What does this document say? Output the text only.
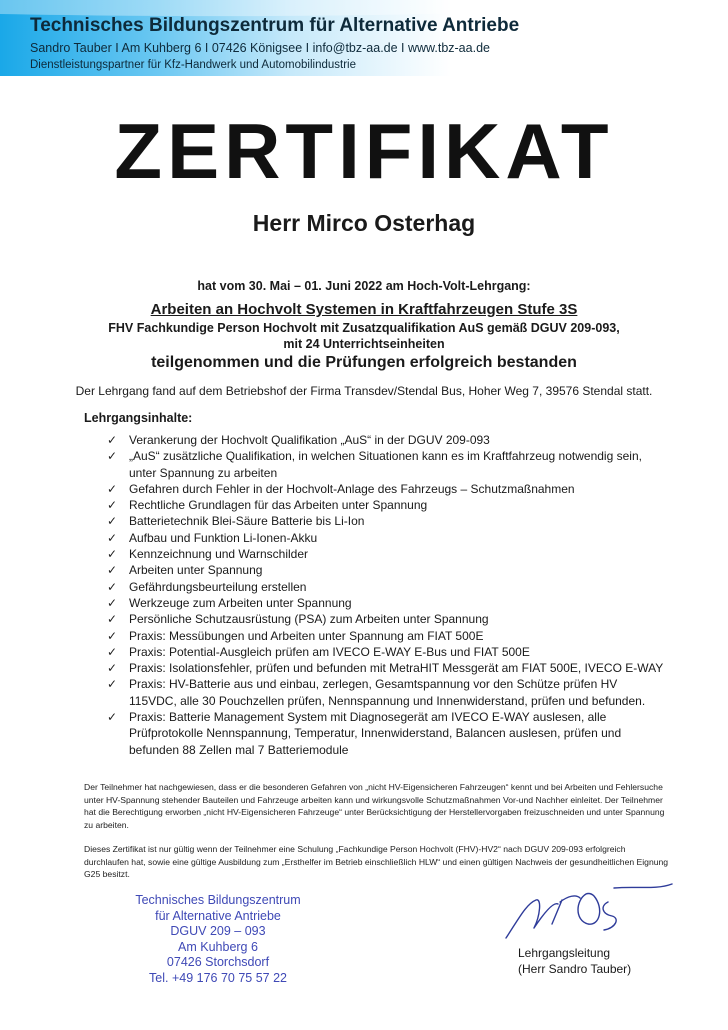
Technisches Bildungszentrum für Alternative Antriebe
Sandro Tauber I Am Kuhberg 6 I 07426 Königsee I info@tbz-aa.de I www.tbz-aa.de
Dienstleistungspartner für Kfz-Handwerk und Automobilindustrie
ZERTIFIKAT
Herr Mirco Osterhag
hat vom 30. Mai – 01. Juni 2022 am Hoch-Volt-Lehrgang:
Arbeiten an Hochvolt Systemen in Kraftfahrzeugen Stufe 3S
FHV Fachkundige Person Hochvolt mit Zusatzqualifikation AuS gemäß DGUV 209-093,
mit 24 Unterrichtseinheiten
teilgenommen und die Prüfungen erfolgreich bestanden
Der Lehrgang fand auf dem Betriebshof der Firma Transdev/Stendal Bus, Hoher Weg 7, 39576 Stendal statt.
Lehrgangsinhalte:
✓ Verankerung der Hochvolt Qualifikation „AuS“ in der DGUV 209-093
✓ „AuS“ zusätzliche Qualifikation, in welchen Situationen kann es im Kraftfahrzeug notwendig sein, unter Spannung zu arbeiten
✓ Gefahren durch Fehler in der Hochvolt-Anlage des Fahrzeugs – Schutzmaßnahmen
✓ Rechtliche Grundlagen für das Arbeiten unter Spannung
✓ Batterietechnik Blei-Säure Batterie bis Li-Ion
✓ Aufbau und Funktion Li-Ionen-Akku
✓ Kennzeichnung und Warnschilder
✓ Arbeiten unter Spannung
✓ Gefährdungsbeurteilung erstellen
✓ Werkzeuge zum Arbeiten unter Spannung
✓ Persönliche Schutzausrüstung (PSA) zum Arbeiten unter Spannung
✓ Praxis: Messübungen und Arbeiten unter Spannung am FIAT 500E
✓ Praxis: Potential-Ausgleich prüfen am IVECO E-WAY E-Bus und FIAT 500E
✓ Praxis: Isolationsfehler, prüfen und befunden mit MetraHIT Messgerät am FIAT 500E, IVECO E-WAY
✓ Praxis: HV-Batterie aus und einbau, zerlegen, Gesamtspannung vor den Schütze prüfen HV 115VDC, alle 30 Pouchzellen prüfen, Nennspannung und Innenwiderstand, prüfen und befunden.
✓ Praxis: Batterie Management System mit Diagnosegerät am IVECO E-WAY auslesen, alle Prüfprotokolle Nennspannung, Temperatur, Innenwiderstand, Balancen auslesen, prüfen und befunden 88 Zellen mal 7 Batteriemodule
Der Teilnehmer hat nachgewiesen, dass er die besonderen Gefahren von „nicht HV-Eigensicheren Fahrzeugen“ kennt und bei Arbeiten und Fehlersuche unter HV-Spannung stehender Bauteilen und Fahrzeuge arbeiten kann und wirkungsvolle Schutzmaßnahmen Vor-und Nachher einleitet. Der Teilnehmer hat die Berechtigung erworben „nicht HV-Eigensicheren Fahrzeuge“ unter Berücksichtigung der Herstellervorgaben freizuschneiden und unter Spannung zu arbeiten.
Dieses Zertifikat ist nur gültig wenn der Teilnehmer eine Schulung „Fachkundige Person Hochvolt (FHV)-HV2“ nach DGUV 209-093 erfolgreich durchlaufen hat, sowie eine gültige Ausbildung zum „Ersthelfer im Betrieb einschließlich HLW“ und einen gültigen Nachweis der gesundheitlichen Eignung G25 besitzt.
Technisches Bildungszentrum
für Alternative Antriebe
DGUV 209 – 093
Am Kuhberg 6
07426 Storchsdorf
Tel. +49 176 70 75 57 22
Lehrgangsleitung
(Herr Sandro Tauber)
